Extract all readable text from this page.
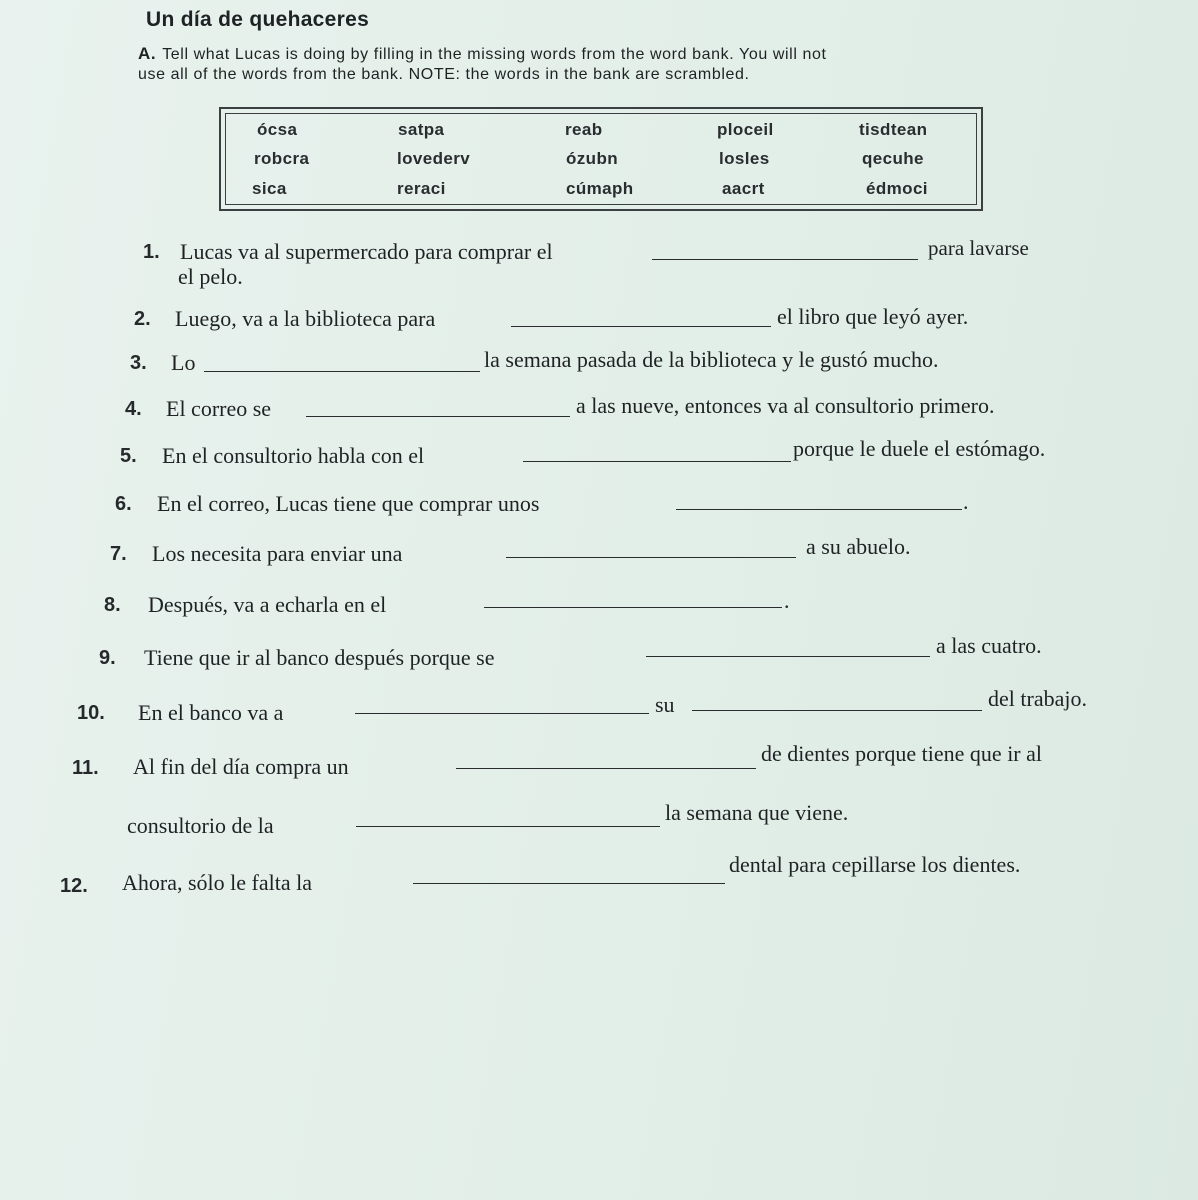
Un día de quehaceres
A. Tell what Lucas is doing by filling in the missing words from the word bank. You will not
use all of the words from the bank. NOTE: the words in the bank are scrambled.
ócsa	satpa	reab	ploceil	tisdtean
robcra	lovederv	ózubn	losles	qecuhe
sica	reraci	cúmaph	aacrt	édmoci
1. Lucas va al supermercado para comprar el	para lavarse
el pelo.
2. Luego, va a la biblioteca para	el libro que leyó ayer.
3. Lo	la semana pasada de la biblioteca y le gustó mucho.
4. El correo se	a las nueve, entonces va al consultorio primero.
5. En el consultorio habla con el	porque le duele el estómago.
6. En el correo, Lucas tiene que comprar unos	.
7. Los necesita para enviar una	a su abuelo.
8. Después, va a echarla en el	.
9. Tiene que ir al banco después porque se	a las cuatro.
10. En el banco va a	su	del trabajo.
11. Al fin del día compra un
de dientes porque tiene que ir al
consultorio de la
la semana que viene.
12. Ahora, sólo le falta la
dental para cepillarse los dientes.
